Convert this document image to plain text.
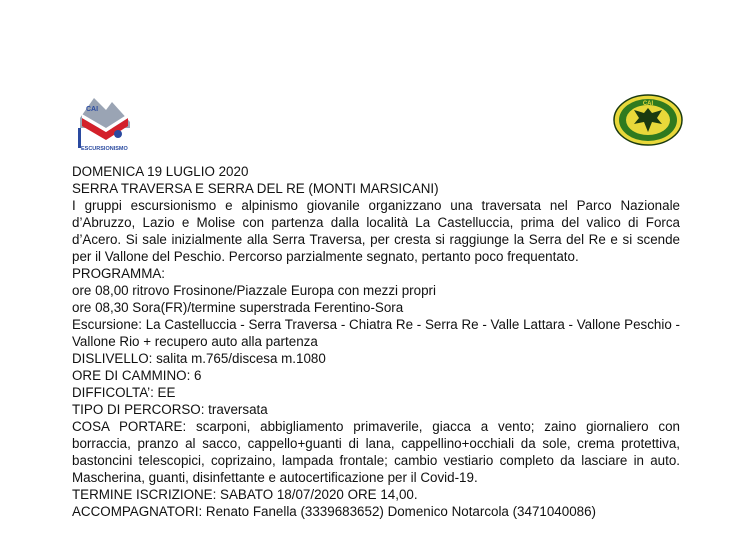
CAI
ESCURSIONISMO
CAI

DOMENICA 19 LUGLIO 2020

SERRA TRAVERSA E SERRA DEL RE (MONTI MARSICANI)

I gruppi escursionismo e alpinismo giovanile organizzano una traversata nel Parco Nazionale d’Abruzzo, Lazio e Molise con partenza dalla località La Castelluccia, prima del valico di Forca d’Acero. Si sale inizialmente alla Serra Traversa, per cresta si raggiunge la Serra del Re e si scende per il Vallone del Peschio. Percorso parzialmente segnato, pertanto poco frequentato.

PROGRAMMA:

ore 08,00 ritrovo Frosinone/Piazzale Europa con mezzi propri

ore 08,30 Sora(FR)/termine superstrada Ferentino-Sora

Escursione: La Castelluccia - Serra Traversa - Chiatra Re - Serra Re - Valle Lattara - Vallone Peschio - Vallone Rio + recupero auto alla partenza

DISLIVELLO: salita m.765/discesa m.1080

ORE DI CAMMINO: 6

DIFFICOLTA’: EE

TIPO DI PERCORSO: traversata

COSA PORTARE: scarponi, abbigliamento primaverile, giacca a vento; zaino giornaliero con borraccia, pranzo al sacco, cappello+guanti di lana, cappellino+occhiali da sole, crema protettiva, bastoncini telescopici, coprizaino, lampada frontale; cambio vestiario completo da lasciare in auto. Mascherina, guanti, disinfettante e autocertificazione per il Covid-19.

TERMINE ISCRIZIONE: SABATO 18/07/2020 ORE 14,00.

ACCOMPAGNATORI: Renato Fanella (3339683652) Domenico Notarcola (3471040086)
